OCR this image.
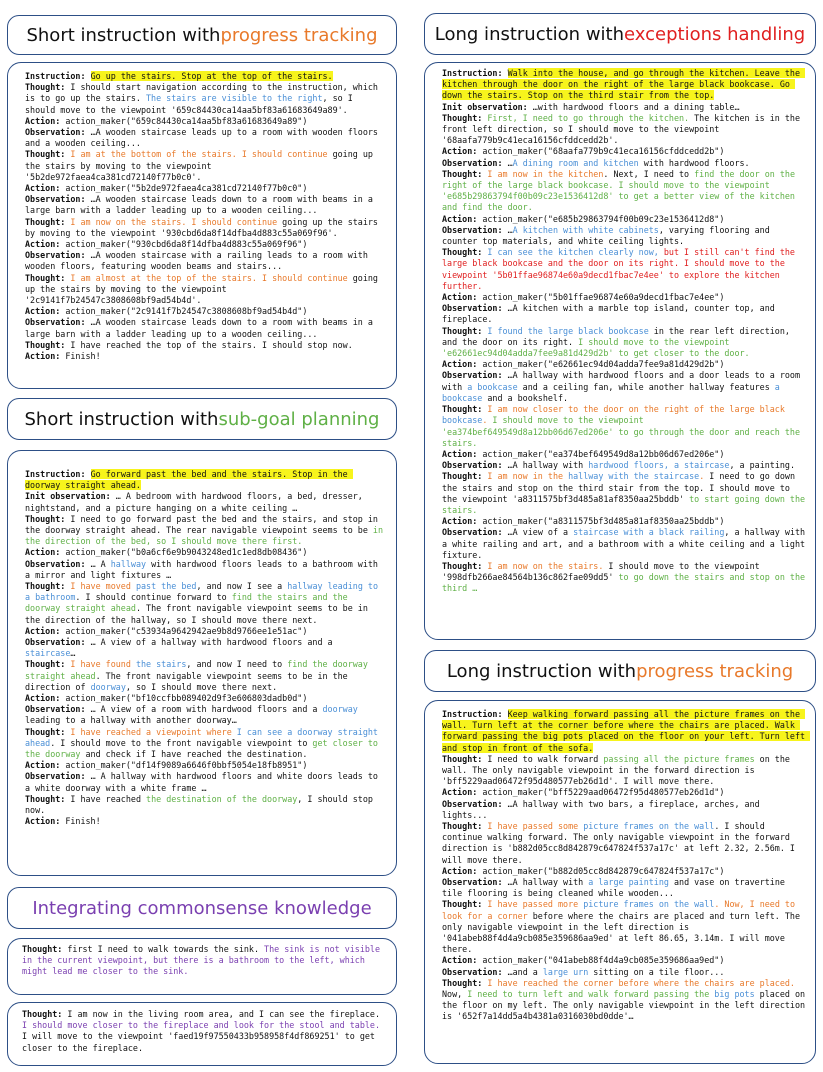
Short instruction with progress tracking
Short instruction with sub-goal planning
Integrating commonsense knowledge
Long instruction with exceptions handling
Long instruction with progress tracking
Instruction: Go up the stairs. Stop at the top of the stairs.
Thought: I should start navigation according to the instruction, which is to go up the stairs. The stairs are visible to the right, so I should move to the viewpoint '659c84430ca14aa5bf83a61683649a89'.
Action: action_maker("659c84430ca14aa5bf83a61683649a89")
Observation: …A wooden staircase leads up to a room with wooden floors and a wooden ceiling...
Thought: I am at the bottom of the stairs. I should continue going up the stairs by moving to the viewpoint '5b2de972faea4ca381cd72140f77b0c0'.
Action: action_maker("5b2de972faea4ca381cd72140f77b0c0")
Observation: …A wooden staircase leads down to a room with beams in a large barn with a ladder leading up to a wooden ceiling...
Thought: I am now on the stairs. I should continue going up the stairs by moving to the viewpoint '930cbd6da8f14dfba4d883c55a069f96'.
Action: action_maker("930cbd6da8f14dfba4d883c55a069f96")
Observation: …A wooden staircase with a railing leads to a room with wooden floors, featuring wooden beams and stairs...
Thought: I am almost at the top of the stairs. I should continue going up the stairs by moving to the viewpoint '2c9141f7b24547c3808608bf9ad54b4d'.
Action: action_maker("2c9141f7b24547c3808608bf9ad54b4d")
Observation: …A wooden staircase leads down to a room with beams in a large barn with a ladder leading up to a wooden ceiling...
Thought: I have reached the top of the stairs. I should stop now.
Action: Finish!
Instruction: Go forward past the bed and the stairs. Stop in the doorway straight ahead.
Init observation: … A bedroom with hardwood floors, a bed, dresser, nightstand, and a picture hanging on a white ceiling …
Thought: I need to go forward past the bed and the stairs, and stop in the doorway straight ahead. The rear navigable viewpoint seems to be in the direction of the bed, so I should move there first.
Action: action_maker("b0a6cf6e9b9043248ed1c1ed8db08436")
Observation: … A hallway with hardwood floors leads to a bathroom with a mirror and light fixtures …
Thought: I have moved past the bed, and now I see a hallway leading to a bathroom. I should continue forward to find the stairs and the doorway straight ahead. The front navigable viewpoint seems to be in the direction of the hallway, so I should move there next.
Action: action_maker("c53934a9642942ae9b8d9766ee1e51ac")
Observation: … A view of a hallway with hardwood floors and a staircase…
Thought: I have found the stairs, and now I need to find the doorway straight ahead. The front navigable viewpoint seems to be in the direction of doorway, so I should move there next.
Action: action_maker("bf10ccfbb089402d9f3e606803dadb0d")
Observation: … A view of a room with hardwood floors and a doorway leading to a hallway with another doorway…
Thought: I have reached a viewpoint where I can see a doorway straight ahead. I should move to the front navigable viewpoint to get closer to the doorway and check if I have reached the destination.
Action: action_maker("df14f9089a6646f0bbf5054e18fb8951")
Observation: … A hallway with hardwood floors and white doors leads to a white doorway with a white frame …
Thought: I have reached the destination of the doorway, I should stop now.
Action: Finish!
Thought: first I need to walk towards the sink. The sink is not visible in the current viewpoint, but there is a bathroom to the left, which might lead me closer to the sink.
Thought: I am now in the living room area, and I can see the fireplace. I should move closer to the fireplace and look for the stool and table. I will move to the viewpoint 'faed19f97550433b958958f4df869251' to get closer to the fireplace.
Instruction: Walk into the house, and go through the kitchen. Leave the kitchen through the door on the right of the large black bookcase. Go down the stairs. Stop on the third stair from the top.
Init observation: …with hardwood floors and a dining table…
Thought: First, I need to go through the kitchen. The kitchen is in the front left direction, so I should move to the viewpoint '68aafa779b9c41eca16156cfddcedd2b'.
Action: action_maker("68aafa779b9c41eca16156cfddcedd2b")
Observation: …A dining room and kitchen with hardwood floors.
Thought: I am now in the kitchen. Next, I need to find the door on the right of the large black bookcase. I should move to the viewpoint 'e685b29863794f00b09c23e1536412d8' to get a better view of the kitchen and find the door.
Action: action_maker("e685b29863794f00b09c23e1536412d8")
Observation: …A kitchen with white cabinets, varying flooring and counter top materials, and white ceiling lights.
Thought: I can see the kitchen clearly now, but I still can't find the large black bookcase and the door on its right. I should move to the viewpoint '5b01ffae96874e60a9decd1fbac7e4ee' to explore the kitchen further.
Action: action_maker("5b01ffae96874e60a9decd1fbac7e4ee")
Observation: …A kitchen with a marble top island, counter top, and fireplace.
Thought: I found the large black bookcase in the rear left direction, and the door on its right. I should move to the viewpoint 'e62661ec94d04adda7fee9a81d429d2b' to get closer to the door.
Action: action_maker("e62661ec94d04adda7fee9a81d429d2b")
Observation: …A hallway with hardwood floors and a door leads to a room with a bookcase and a ceiling fan, while another hallway features a bookcase and a bookshelf.
Thought: I am now closer to the door on the right of the large black bookcase. I should move to the viewpoint 'ea374bef649549d8a12bb06d67ed206e' to go through the door and reach the stairs.
Action: action_maker("ea374bef649549d8a12bb06d67ed206e")
Observation: …A hallway with hardwood floors, a staircase, a painting.
Thought: I am now in the hallway with the staircase. I need to go down the stairs and stop on the third stair from the top. I should move to the viewpoint 'a8311575bf3d485a81af8350aa25bddb' to start going down the stairs.
Action: action_maker("a8311575bf3d485a81af8350aa25bddb")
Observation: …A view of a staircase with a black railing, a hallway with a white railing and art, and a bathroom with a white ceiling and a light fixture.
Thought: I am now on the stairs. I should move to the viewpoint '998dfb266ae84564b136c862fae09dd5' to go down the stairs and stop on the third …
Instruction: Keep walking forward passing all the picture frames on the wall. Turn left at the corner before where the chairs are placed. Walk forward passing the big pots placed on the floor on your left. Turn left and stop in front of the sofa.
Thought: I need to walk forward passing all the picture frames on the wall. The only navigable viewpoint in the forward direction is 'bff5229aad06472f95d480577eb26d1d'. I will move there.
Action: action_maker("bff5229aad06472f95d480577eb26d1d")
Observation: …A hallway with two bars, a fireplace, arches, and lights...
Thought: I have passed some picture frames on the wall. I should continue walking forward. The only navigable viewpoint in the forward direction is 'b882d05cc8d842879c647824f537a17c' at left 2.32, 2.56m. I will move there.
Action: action_maker("b882d05cc8d842879c647824f537a17c")
Observation: …A hallway with a large painting and vase on travertine tile flooring is being cleaned while wooden...
Thought: I have passed more picture frames on the wall. Now, I need to look for a corner before where the chairs are placed and turn left. The only navigable viewpoint in the left direction is '041abeb88f4d4a9cb085e359686aa9ed' at left 86.65, 3.14m. I will move there.
Action: action_maker("041abeb88f4d4a9cb085e359686aa9ed")
Observation: …and a large urn sitting on a tile floor...
Thought: I have reached the corner before where the chairs are placed. Now, I need to turn left and walk forward passing the big pots placed on the floor on my left. The only navigable viewpoint in the left direction is '652f7a14dd5a4b4381a0316030bd0dde'…
